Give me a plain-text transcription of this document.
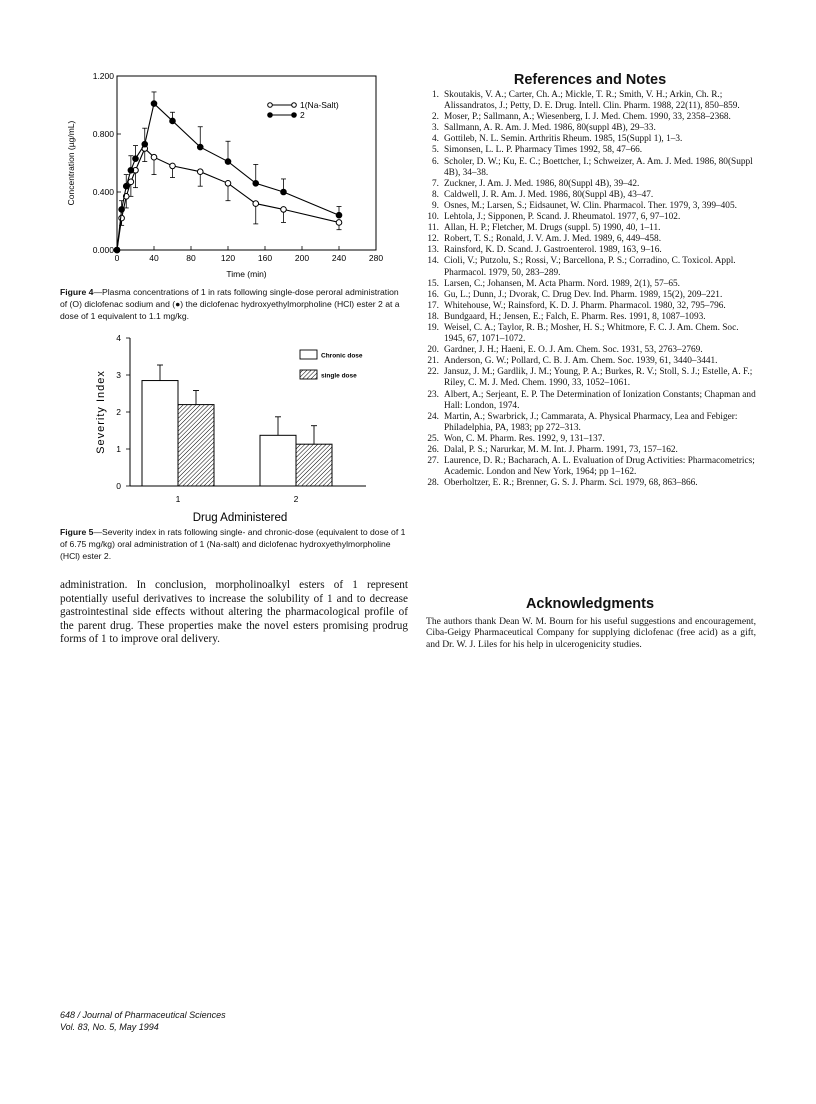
0	40	80	120	160	200	240	280
0.000
0.400
0.800
1.200
Time (min)
Concentration (µg/mL)
1(Na-Salt)
2
Figure 4—Plasma concentrations of 1 in rats following single-dose peroral administration of (O) diclofenac sodium and (●) the diclofenac hydroxyethylmorpholine (HCl) ester 2 at a dose of 1 equivalent to 1.1 mg/kg.
0
1
2
3
4
Severity Index
1	2
Drug Administered
Chronic dose
single dose
Figure 5—Severity index in rats following single- and chronic-dose (equivalent to dose of 1 of 6.75 mg/kg) oral administration of 1 (Na-salt) and diclofenac hydroxyethylmorpholine (HCl) ester 2.
administration. In conclusion, morpholinoalkyl esters of 1 represent potentially useful derivatives to increase the solubility of 1 and to decrease gastrointestinal side effects without altering the pharmacological profile of the parent drug. These properties make the novel esters promising prodrug forms of 1 to improve oral delivery.
References and Notes
1. Skoutakis, V. A.; Carter, Ch. A.; Mickle, T. R.; Smith, V. H.; Arkin, Ch. R.; Alissandratos, J.; Petty, D. E. Drug. Intell. Clin. Pharm. 1988, 22(11), 850–859.
2. Moser, P.; Sallmann, A.; Wiesenberg, I. J. Med. Chem. 1990, 33, 2358–2368.
3. Sallmann, A. R. Am. J. Med. 1986, 80(suppl 4B), 29–33.
4. Gottileb, N. L. Semin. Arthritis Rheum. 1985, 15(Suppl 1), 1–3.
5. Simonsen, L. L. P. Pharmacy Times 1992, 58, 47–66.
6. Scholer, D. W.; Ku, E. C.; Boettcher, I.; Schweizer, A. Am. J. Med. 1986, 80(Suppl 4B), 34–38.
7. Zuckner, J. Am. J. Med. 1986, 80(Suppl 4B), 39–42.
8. Caldwell, J. R. Am. J. Med. 1986, 80(Suppl 4B), 43–47.
9. Osnes, M.; Larsen, S.; Eidsaunet, W. Clin. Pharmacol. Ther. 1979, 3, 399–405.
10. Lehtola, J.; Sipponen, P. Scand. J. Rheumatol. 1977, 6, 97–102.
11. Allan, H. P.; Fletcher, M. Drugs (suppl. 5) 1990, 40, 1–11.
12. Robert, T. S.; Ronald, J. V. Am. J. Med. 1989, 6, 449–458.
13. Rainsford, K. D. Scand. J. Gastroenterol. 1989, 163, 9–16.
14. Cioli, V.; Putzolu, S.; Rossi, V.; Barcellona, P. S.; Corradino, C. Toxicol. Appl. Pharmacol. 1979, 50, 283–289.
15. Larsen, C.; Johansen, M. Acta Pharm. Nord. 1989, 2(1), 57–65.
16. Gu, L.; Dunn, J.; Dvorak, C. Drug Dev. Ind. Pharm. 1989, 15(2), 209–221.
17. Whitehouse, W.; Rainsford, K. D. J. Pharm. Pharmacol. 1980, 32, 795–796.
18. Bundgaard, H.; Jensen, E.; Falch, E. Pharm. Res. 1991, 8, 1087–1093.
19. Weisel, C. A.; Taylor, R. B.; Mosher, H. S.; Whitmore, F. C. J. Am. Chem. Soc. 1945, 67, 1071–1072.
20. Gardner, J. H.; Haeni, E. O. J. Am. Chem. Soc. 1931, 53, 2763–2769.
21. Anderson, G. W.; Pollard, C. B. J. Am. Chem. Soc. 1939, 61, 3440–3441.
22. Jansuz, J. M.; Gardlik, J. M.; Young, P. A.; Burkes, R. V.; Stoll, S. J.; Estelle, A. F.; Riley, C. M. J. Med. Chem. 1990, 33, 1052–1061.
23. Albert, A.; Serjeant, E. P. The Determination of Ionization Constants; Chapman and Hall: London, 1974.
24. Martin, A.; Swarbrick, J.; Cammarata, A. Physical Pharmacy, Lea and Febiger: Philadelphia, PA, 1983; pp 272–313.
25. Won, C. M. Pharm. Res. 1992, 9, 131–137.
26. Dalal, P. S.; Narurkar, M. M. Int. J. Pharm. 1991, 73, 157–162.
27. Laurence, D. R.; Bacharach, A. L. Evaluation of Drug Activities: Pharmacometrics; Academic. London and New York, 1964; pp 1–162.
28. Oberholtzer, E. R.; Brenner, G. S. J. Pharm. Sci. 1979, 68, 863–866.
Acknowledgments
The authors thank Dean W. M. Bourn for his useful suggestions and encouragement, Ciba-Geigy Pharmaceutical Company for supplying diclofenac (free acid) as a gift, and Dr. W. J. Liles for his help in ulcerogenicity studies.
648 / Journal of Pharmaceutical Sciences
Vol. 83, No. 5, May 1994
